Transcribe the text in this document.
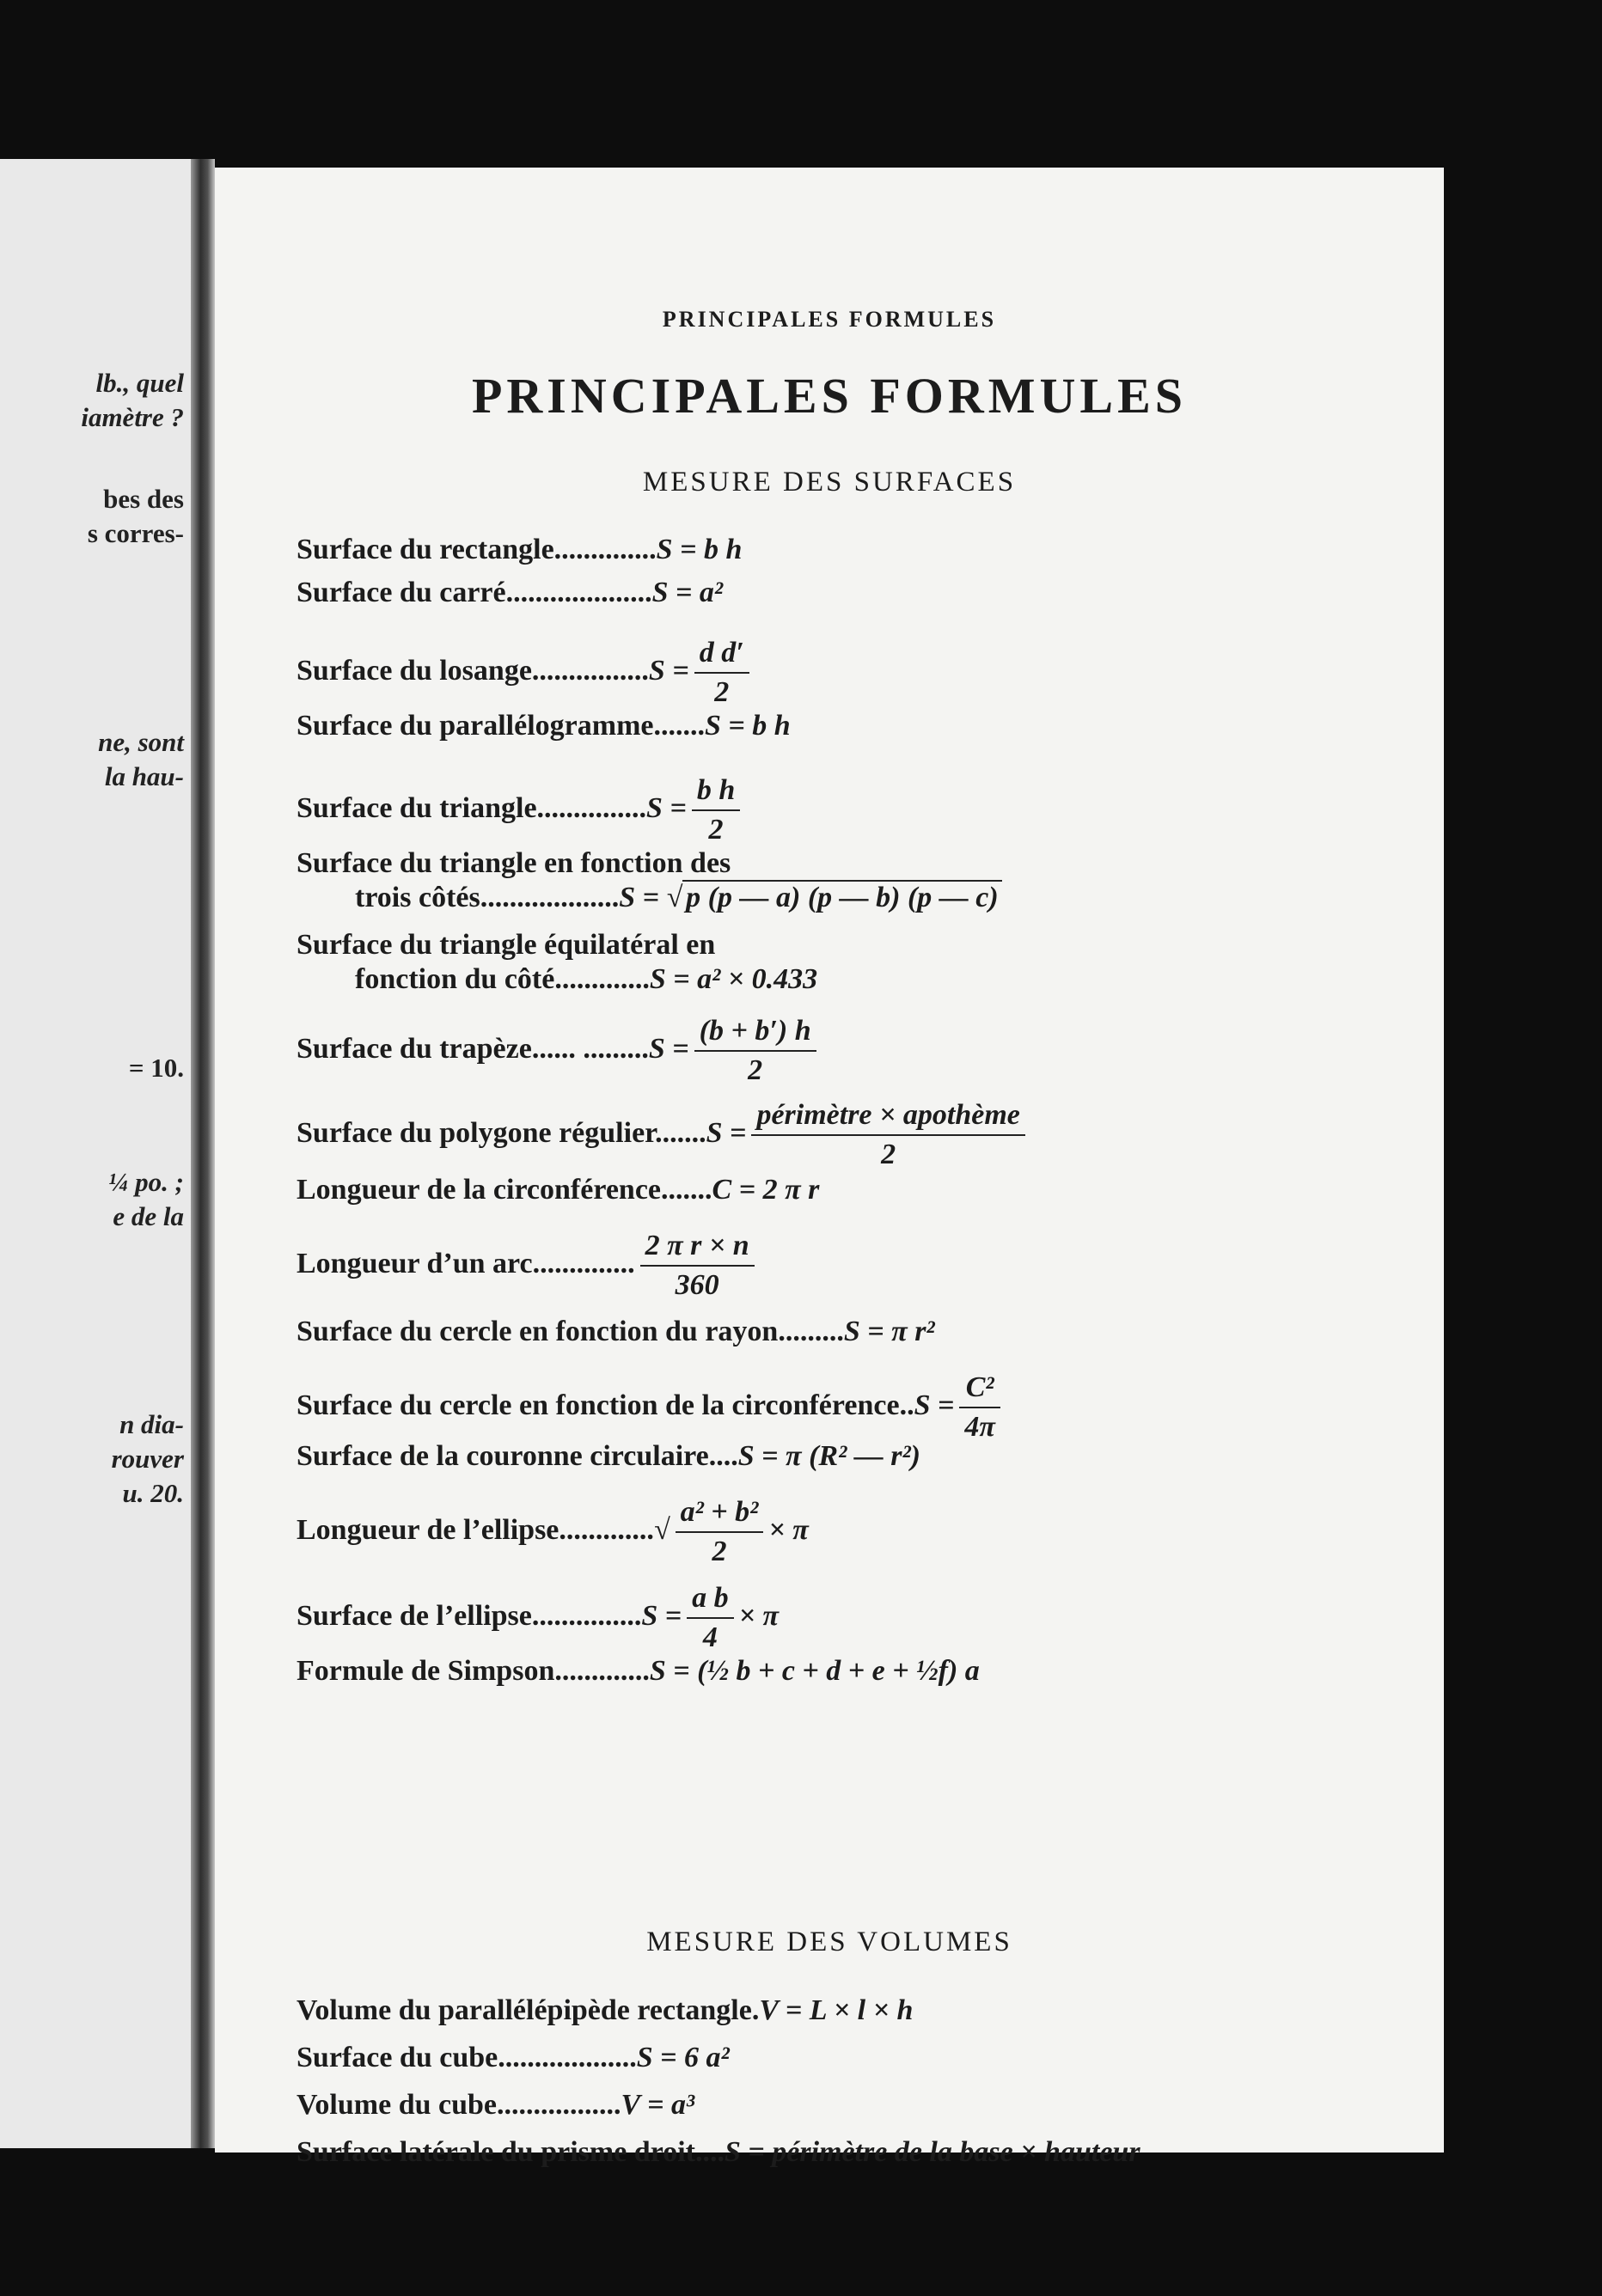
lb., quel
iamètre ?
bes des
s corres-
ne, sont
la hau-
= 10.
¼ po. ;
e de la
n dia-
rouver
u. 20.
PRINCIPALES FORMULES
PRINCIPALES FORMULES
MESURE DES SURFACES
Surface du rectangle..............S = b h
Surface du carré....................S = a²
Surface du losange................S = $\frac{\text{d d′}}{2}$
Surface du parallélogramme.......S = b h
Surface du triangle...............S = $\frac{\text{b h}}{2}$
Surface du triangle en fonction des
trois côtés...................S = √ p (p — a) (p — b) (p — c)
Surface du triangle équilatéral en
fonction du côté.............S = a² × 0.433
Surface du trapèze...... $.........S = \frac{(b + b') h}{2}$
Surface du polygone régulier.......S = $\frac{\text{périmètre × apothème}}{2}$
Longueur de la circonférence.......C = 2 π r
Longueur d’un arc.............. $\frac{\text{2 π r × n}}{360}$
Surface du cercle en fonction du rayon.........S = π r²
Surface du cercle en fonction de la circonférence..S = $\frac{\text{C²}}{4\pi}$
Surface de la couronne circulaire....S = π (R² — r²)
Longueur de l’ellipse.............√ $\frac{\text{a² + b²}}{2} \times \pi$
Surface de l’ellipse...............S = $\frac{\text{a b}}{4} \times \pi$
Formule de Simpson.............S = (½ b + c + d + e + ½f) a
MESURE DES VOLUMES
Volume du parallélépipède rectangle.V = L × l × h
Surface du cube...................S = 6 a²
Volume du cube.................V = a³
Surface latérale du prisme droit....S = périmètre de la base × hauteur
